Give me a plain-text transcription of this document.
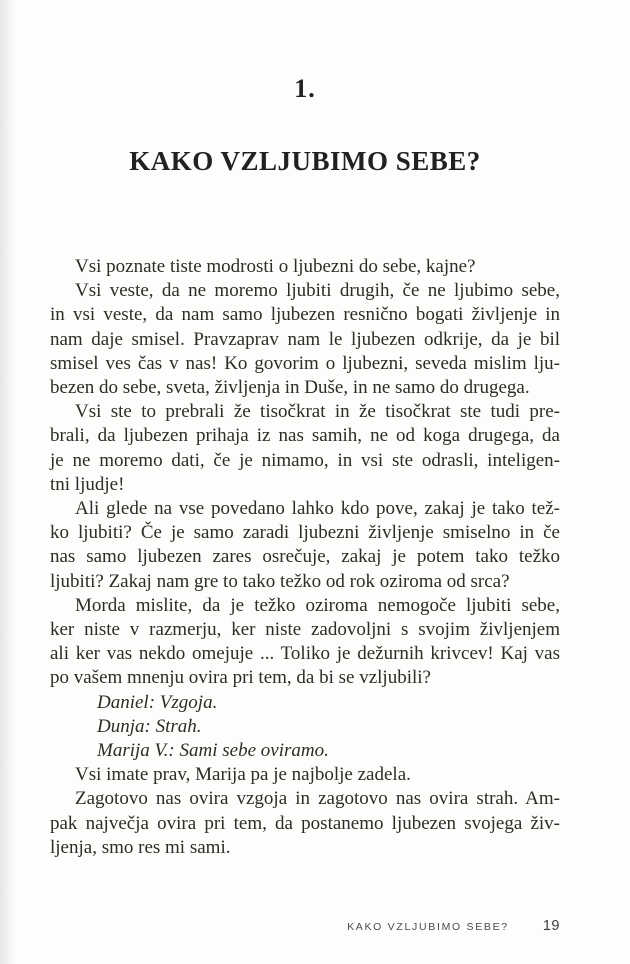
1.
KAKO VZLJUBIMO SEBE?
Vsi poznate tiste modrosti o ljubezni do sebe, kajne?
Vsi veste, da ne moremo ljubiti drugih, če ne ljubimo sebe,
in vsi veste, da nam samo ljubezen resnično bogati življenje in
nam daje smisel. Pravzaprav nam le ljubezen odkrije, da je bil
smisel ves čas v nas! Ko govorim o ljubezni, seveda mislim lju-
bezen do sebe, sveta, življenja in Duše, in ne samo do drugega.
Vsi ste to prebrali že tisočkrat in že tisočkrat ste tudi pre-
brali, da ljubezen prihaja iz nas samih, ne od koga drugega, da
je ne moremo dati, če je nimamo, in vsi ste odrasli, inteligen-
tni ljudje!
Ali glede na vse povedano lahko kdo pove, zakaj je tako tež-
ko ljubiti? Če je samo zaradi ljubezni življenje smiselno in če
nas samo ljubezen zares osrečuje, zakaj je potem tako težko
ljubiti? Zakaj nam gre to tako težko od rok oziroma od srca?
Morda mislite, da je težko oziroma nemogoče ljubiti sebe,
ker niste v razmerju, ker niste zadovoljni s svojim življenjem
ali ker vas nekdo omejuje ... Toliko je dežurnih krivcev! Kaj vas
po vašem mnenju ovira pri tem, da bi se vzljubili?
Daniel: Vzgoja.
Dunja: Strah.
Marija V.: Sami sebe oviramo.
Vsi imate prav, Marija pa je najbolje zadela.
Zagotovo nas ovira vzgoja in zagotovo nas ovira strah. Am-
pak največja ovira pri tem, da postanemo ljubezen svojega živ-
ljenja, smo res mi sami.
KAKO VZLJUBIMO SEBE? 19
